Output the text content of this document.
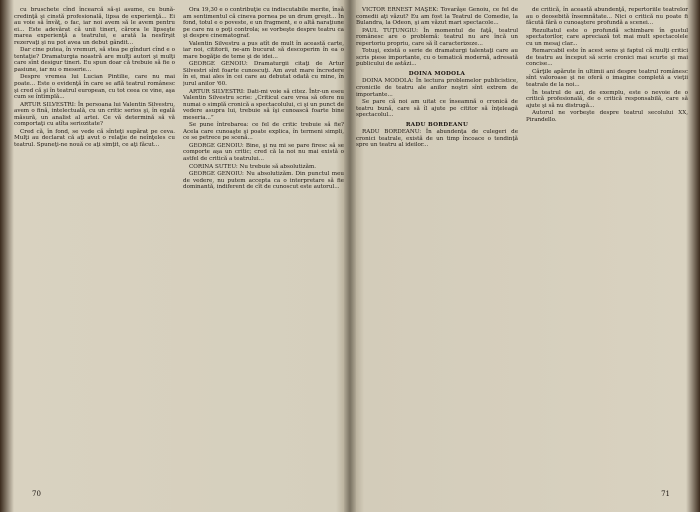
cu bruschete cînd încearcă să-şi asume, cu bună-credinţă şi cinstă profesională, lipsa de experienţă... Ei au voie să învăţ, o fac, iar noi avem să le avem pentru ei... Este adevărat că unii tineri, cărora le lipseşte marea experienţă a teatrului, e arată la nesfîrşit rezervaţi şi nu pot avea un debut gândit...

Dar cine putea, în vremuri, să stea pe gînduri cînd e o tentaţie? Dramaturgia noastră are mulţi autori şi mulţi care sînt desigur tineri. Eu spun doar că trebuie să fie o pasiune, iar nu o meserie...

Despre vremea lui Lucian Pintilie, care nu mai poate... Este o evidenţă în care se află teatrul românesc şi cred că şi în teatrul european, cu tot ceea ce vine, aşa cum se întîmplă...

ARTUR SILVESTRI: În persoana lui Valentin Silvestru, avem o fină, intelectuală, cu un critic serios şi, în egală măsură, un analist al artei. Ce vă determină să vă comportaţi cu atîta seriozitate?

Cred că, în fond, se vede că sînteţi supărat pe ceva. Mulţi au declarat că aţi avut o relaţie de neînţeles cu teatrul. Spuneţi-ne nouă ce aţi simţit, ce aţi făcut...

Ora 19,30 e o contribuţie cu indiscutabile merite, însă am sentimentul că cineva pornea pe un drum greşit... În fond, totul e o poveste, e un fragment, e o altă naraţiune pe care nu o poţi controla; se vorbeşte despre teatru ca şi despre cinematograf.

Valentin Silvestru a pus atît de mult în această carte, iar noi, cititorii, ne-am bucurat să descoperim în ea o mare bogăţie de teme şi de idei...

GEORGE GENOIU: Dramaturgii citaţi de Artur Silvestri sînt foarte cunoscuţi. Am avut mare încredere în ei, mai ales în cei care au debutat odată cu mine, în jurul anilor '60.

ARTUR SILVESTRI: Dati-mi voie să citez. Într-un eseu Valentin Silvestru scrie: „Criticul care vrea să ofere nu numai o simplă cronică a spectacolului, ci şi un punct de vedere asupra lui, trebuie să îşi cunoască foarte bine meseria...”

Se pune întrebarea: ce fel de critic trebuie să fie? Acela care cunoaşte şi poate explica, în termeni simpli, ce se petrece pe scenă...

GEORGE GENOIU: Bine, şi nu mi se pare firesc să se comporte aşa un critic; cred că la noi nu mai există o astfel de critică a teatrului...

CORINA SUTEU: Nu trebuie să absolutizăm.

GEORGE GENOIU: Nu absolutizăm. Din punctul meu de vedere, nu putem accepta ca o interpretare să fie dominantă, indiferent de cît de cunoscut este autorul...

70

VICTOR ERNEST MAŞEK: Tovarăşe Genoiu, ce fel de comedii aţi văzut? Eu am fost la Teatrul de Comedie, la Bulandra, la Odeon, şi am văzut mari spectacole...

PAUL TUŢUNGIU: În momentul de faţă, teatrul românesc are o problemă: teatrul nu are încă un repertoriu propriu, care să îl caracterizeze...

Totuşi, există o serie de dramaturgi talentaţi care au scris piese importante, cu o tematică modernă, adresată publicului de astăzi...

DOINA MODOLA

DOINA MODOLA: În lectura problemelor publicistice, cronicile de teatru ale anilor noştri sînt extrem de importante...

Se pare că noi am uitat ce înseamnă o cronică de teatru bună, care să îl ajute pe cititor să înţeleagă spectacolul...

RADU BORDEANU

RADU BORDEANU: În abundenţa de culegeri de cronici teatrale, există de un timp încoace o tendinţă spre un teatru al ideilor...

de critică, în această abundenţă, repertoriile teatrelor au o deosebită însemnătate... Nici o critică nu poate fi făcută fără o cunoaştere profundă a scenei...

Rezultatul este o profundă schimbare în gustul spectatorilor, care apreciază tot mai mult spectacolele cu un mesaj clar...

Remarcabil este în acest sens şi faptul că mulţi critici de teatru au început să scrie cronici mai scurte şi mai concise...

Cărţile apărute în ultimii ani despre teatrul românesc sînt valoroase şi ne oferă o imagine completă a vieţii teatrale de la noi...

În teatrul de azi, de exemplu, este o nevoie de o critică profesională, de o critică responsabilă, care să ajute şi să nu distrugă...

Autorul ne vorbeşte despre teatrul secolului XX, Pirandello.

71
